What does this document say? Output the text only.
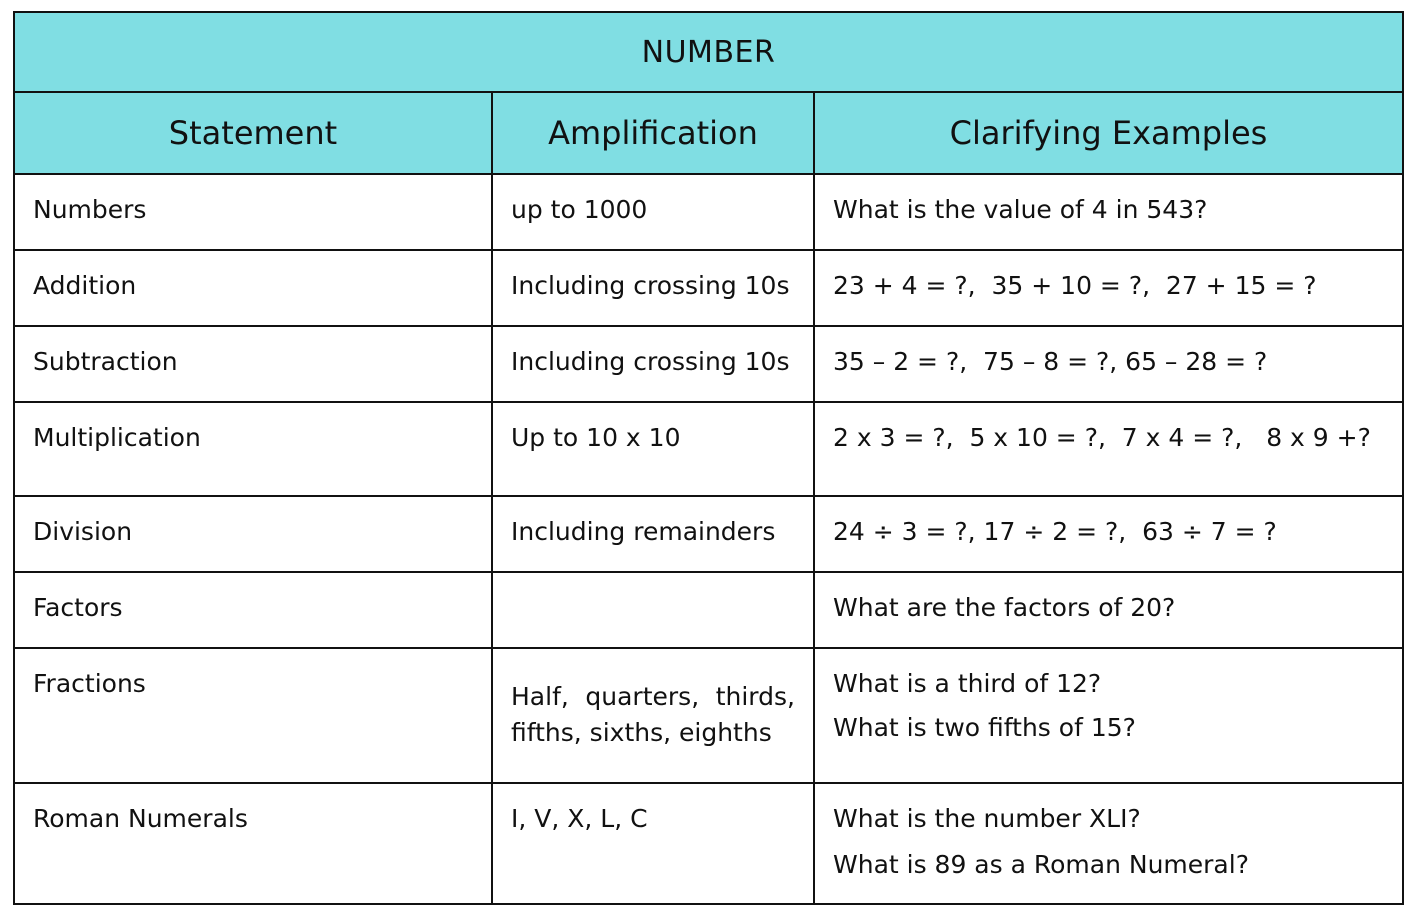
NUMBER		
Statement	Amplification	Clarifying Examples
Numbers	up to 1000	What is the value of 4 in 543?
Addition	Including crossing 10s	23 + 4 = ?,  35 + 10 = ?,  27 + 15 = ?
Subtraction	Including crossing 10s	35 – 2 = ?,  75 – 8 = ?, 65 – 28 = ?
Multiplication	Up to 10 x 10	2 x 3 = ?,  5 x 10 = ?,  7 x 4 = ?,   8 x 9 +?
Division	Including remainders	24 ÷ 3 = ?, 17 ÷ 2 = ?,  63 ÷ 7 = ?
Factors		What are the factors of 20?
Fractions	Half, quarters, thirds, fifths, sixths, eighths	What is a third of 12?
What is two fifths of 15?

Roman Numerals	I, V, X, L, C	What is the number XLI?
What is 89 as a Roman Numeral?
